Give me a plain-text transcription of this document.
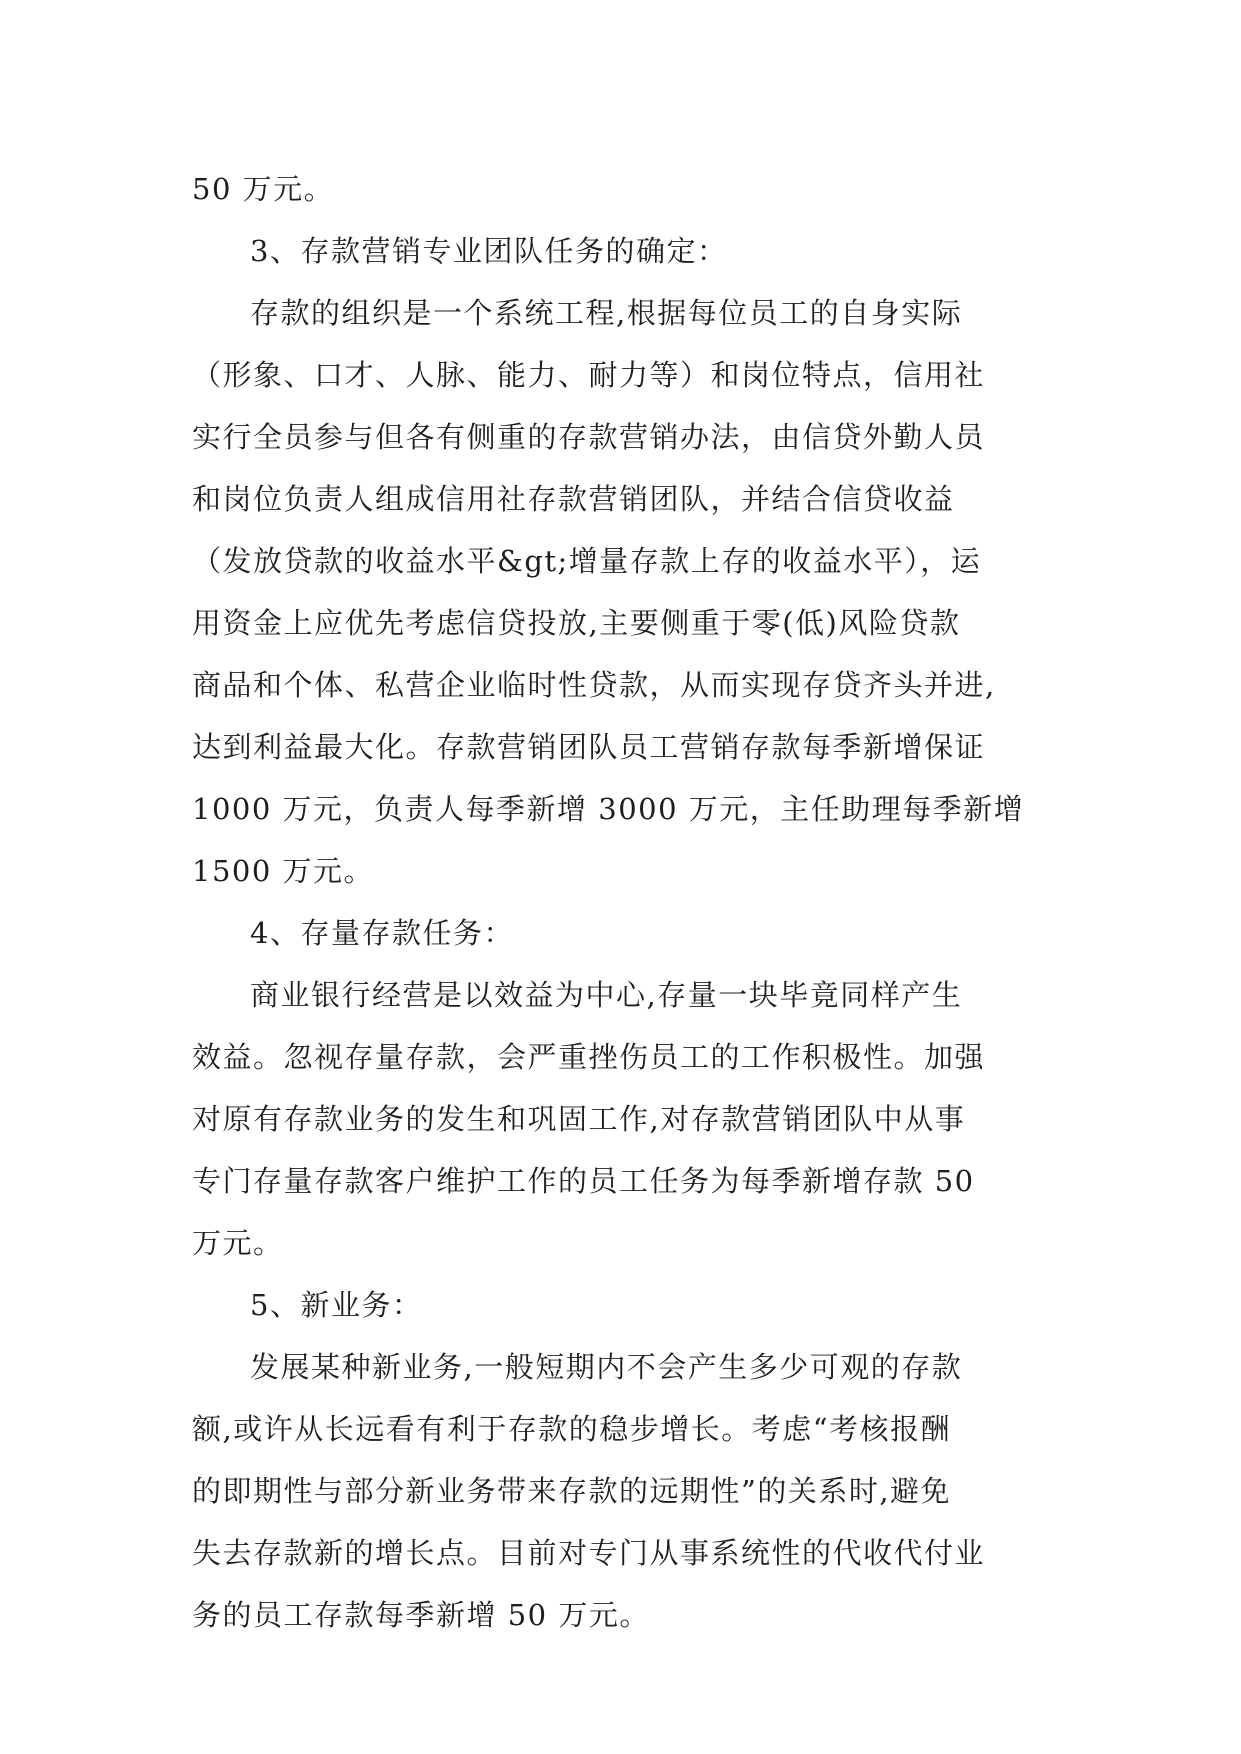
50 万元。
3、存款营销专业团队任务的确定：
存款的组织是一个系统工程,根据每位员工的自身实际
（形象、口才、人脉、能力、耐力等）和岗位特点，信用社
实行全员参与但各有侧重的存款营销办法，由信贷外勤人员
和岗位负责人组成信用社存款营销团队，并结合信贷收益
（发放贷款的收益水平&gt;增量存款上存的收益水平），运
用资金上应优先考虑信贷投放,主要侧重于零(低)风险贷款
商品和个体、私营企业临时性贷款，从而实现存贷齐头并进,
达到利益最大化。存款营销团队员工营销存款每季新增保证
1000 万元，负责人每季新增 3000 万元，主任助理每季新增
1500 万元。
4、存量存款任务：
商业银行经营是以效益为中心,存量一块毕竟同样产生
效益。忽视存量存款，会严重挫伤员工的工作积极性。加强
对原有存款业务的发生和巩固工作,对存款营销团队中从事
专门存量存款客户维护工作的员工任务为每季新增存款 50
万元。
5、新业务：
发展某种新业务,一般短期内不会产生多少可观的存款
额,或许从长远看有利于存款的稳步增长。考虑“考核报酬
的即期性与部分新业务带来存款的远期性”的关系时,避免
失去存款新的增长点。目前对专门从事系统性的代收代付业
务的员工存款每季新增 50 万元。
